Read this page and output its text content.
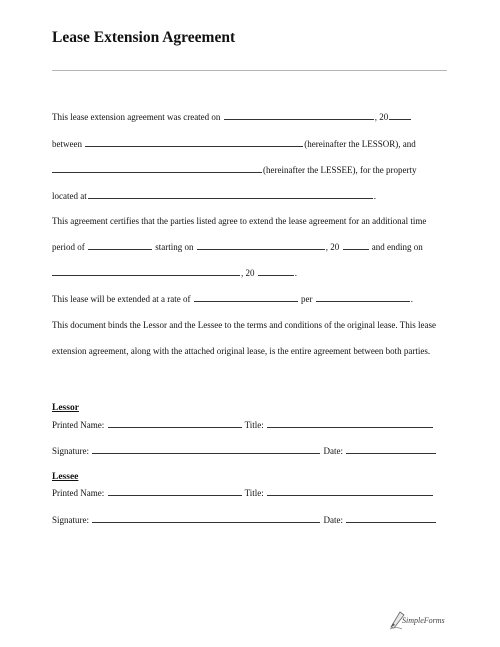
Lease Extension Agreement
This lease extension agreement was created on	, 20
between	(hereinafter the LESSOR), and
(hereinafter the LESSEE), for the property
located at	.
This agreement certifies that the parties listed agree to extend the lease agreement for an additional time
period of	starting on	, 20	and ending on
, 20	.
This lease will be extended at a rate of	per	.
This document binds the Lessor and the Lessee to the terms and conditions of the original lease. This lease
extension agreement, along with the attached original lease, is the entire agreement between both parties.
Lessor
Printed Name:	Title:
Signature:	Date:
Lessee
Printed Name:	Title:
Signature:	Date:
SimpleForms
